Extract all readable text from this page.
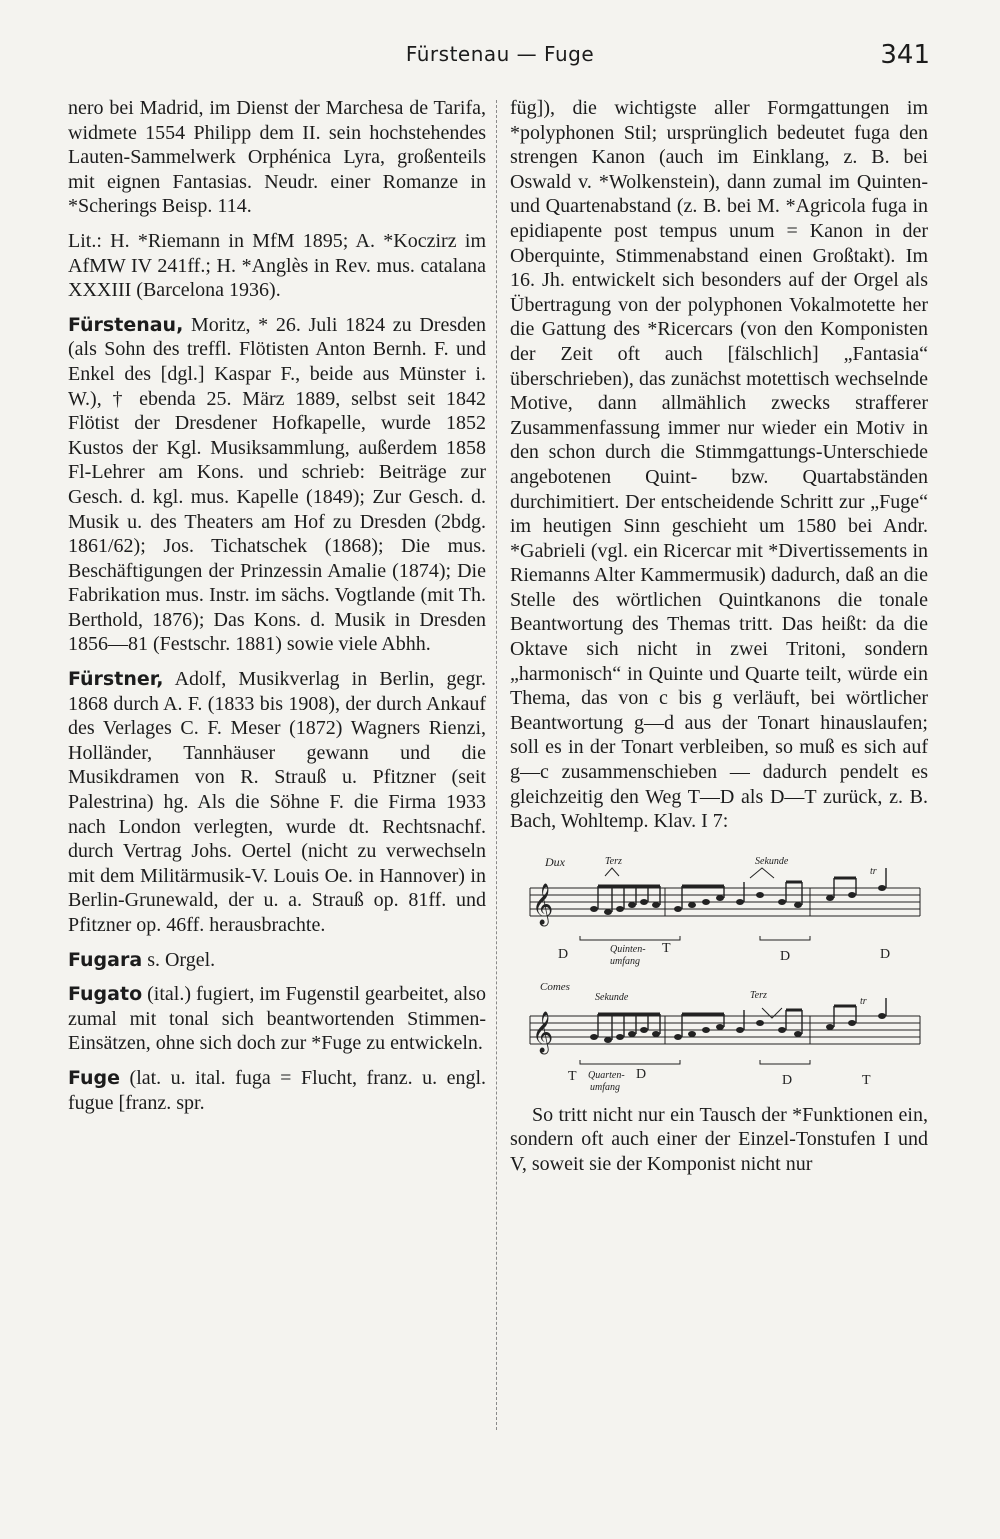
Fürstenau — Fuge	341

nero bei Madrid, im Dienst der Marchesa de Tarifa, widmete 1554 Philipp dem II. sein hochstehendes Lauten-Sammelwerk Orphénica Lyra, großenteils mit eignen Fantasias. Neudr. einer Romanze in *Scherings Beisp. 114.

Lit.: H. *Riemann in MfM 1895; A. *Koczirz im AfMW IV 241ff.; H. *Anglès in Rev. mus. catalana XXXIII (Barcelona 1936).

Fürstenau, Moritz, * 26. Juli 1824 zu Dresden (als Sohn des treffl. Flötisten Anton Bernh. F. und Enkel des [dgl.] Kaspar F., beide aus Münster i. W.), † ebenda 25. März 1889, selbst seit 1842 Flötist der Dresdener Hofkapelle, wurde 1852 Kustos der Kgl. Musiksammlung, außerdem 1858 Fl-Lehrer am Kons. und schrieb: Beiträge zur Gesch. d. kgl. mus. Kapelle (1849); Zur Gesch. d. Musik u. des Theaters am Hof zu Dresden (2bdg. 1861/62); Jos. Tichatschek (1868); Die mus. Beschäftigungen der Prinzessin Amalie (1874); Die Fabrikation mus. Instr. im sächs. Vogtlande (mit Th. Berthold, 1876); Das Kons. d. Musik in Dresden 1856—81 (Festschr. 1881) sowie viele Abhh.

Fürstner, Adolf, Musikverlag in Berlin, gegr. 1868 durch A. F. (1833 bis 1908), der durch Ankauf des Verlages C. F. Meser (1872) Wagners Rienzi, Holländer, Tannhäuser gewann und die Musikdramen von R. Strauß u. Pfitzner (seit Palestrina) hg. Als die Söhne F. die Firma 1933 nach London verlegten, wurde dt. Rechtsnachf. durch Vertrag Johs. Oertel (nicht zu verwechseln mit dem Militärmusik-V. Louis Oe. in Hannover) in Berlin-Grunewald, der u. a. Strauß op. 81ff. und Pfitzner op. 46ff. herausbrachte.

Fugara s. Orgel.

Fugato (ital.) fugiert, im Fugenstil gearbeitet, also zumal mit tonal sich beantwortenden Stimmen-Einsätzen, ohne sich doch zur *Fuge zu entwickeln.

Fuge (lat. u. ital. fuga = Flucht, franz. u. engl. fugue [franz. spr.

füg]), die wichtigste aller Formgattungen im *polyphonen Stil; ursprünglich bedeutet fuga den strengen Kanon (auch im Einklang, z. B. bei Oswald v. *Wolkenstein), dann zumal im Quinten- und Quartenabstand (z. B. bei M. *Agricola fuga in epidiapente post tempus unum = Kanon in der Oberquinte, Stimmenabstand einen Großtakt). Im 16. Jh. entwickelt sich besonders auf der Orgel als Übertragung von der polyphonen Vokalmotette her die Gattung des *Ricercars (von den Komponisten der Zeit oft auch [fälschlich] „Fantasia“ überschrieben), das zunächst motettisch wechselnde Motive, dann allmählich zwecks strafferer Zusammenfassung immer nur wieder ein Motiv in den schon durch die Stimmgattungs-Unterschiede angebotenen Quint- bzw. Quartabständen durchimitiert. Der entscheidende Schritt zur „Fuge“ im heutigen Sinn geschieht um 1580 bei Andr. *Gabrieli (vgl. ein Ricercar mit *Divertissements in Riemanns Alter Kammermusik) dadurch, daß an die Stelle des wörtlichen Quintkanons die tonale Beantwortung des Themas tritt. Das heißt: da die Oktave sich nicht in zwei Tritoni, sondern „harmonisch“ in Quinte und Quarte teilt, würde ein Thema, das von c bis g verläuft, bei wörtlicher Beantwortung g—d aus der Tonart hinauslaufen; soll es in der Tonart verbleiben, so muß es sich auf g—c zusammenschieben — dadurch pendelt es gleichzeitig den Weg T—D als D—T zurück, z. B. Bach, Wohltemp. Klav. I 7:

Dux	Terz	Sekunde
tr
𝄞
D	Quinten-
umfang
T
D	D
Comes
Sekunde	Terz
tr
𝄞
T Quarten-
umfang
D	D	T

So tritt nicht nur ein Tausch der *Funktionen ein, sondern oft auch einer der Einzel-Tonstufen I und V, soweit sie der Komponist nicht nur
